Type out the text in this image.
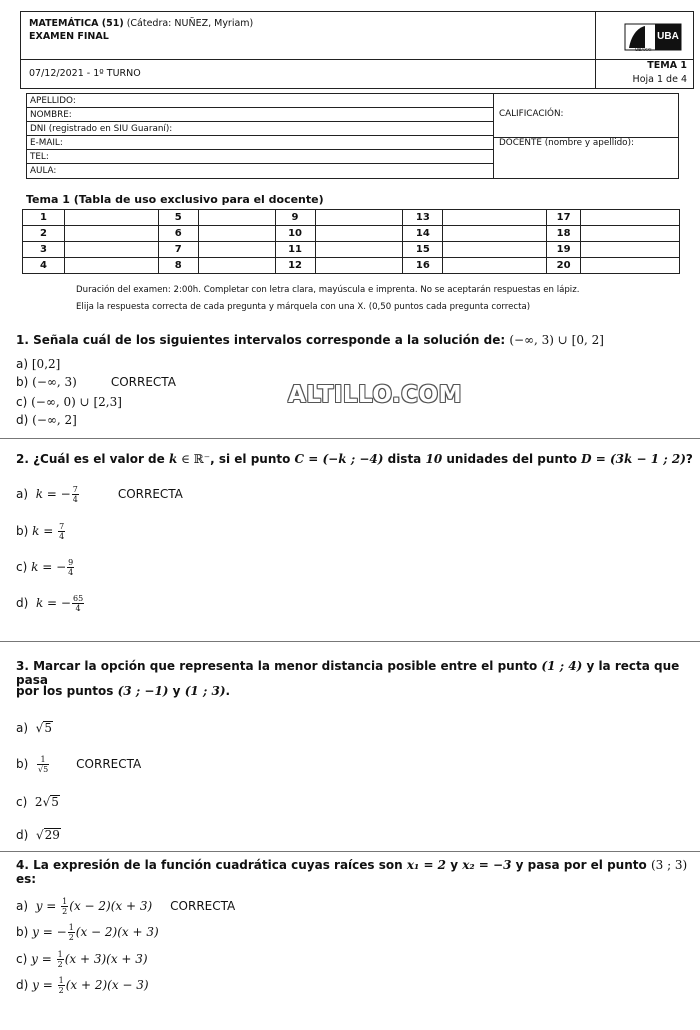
MATEMÁTICA (51) (Cátedra: NUÑEZ, Myriam)
EXAMEN FINAL
07/12/2021 - 1º TURNO
TEMA 1
Hoja 1 de 4
UBA
UBAXXI
APELLIDO:
NOMBRE:
DNI (registrado en SIU Guaraní):
E-MAIL:
TEL:
AULA:
CALIFICACIÓN:
DOCENTE (nombre y apellido):
Tema 1 (Tabla de uso exclusivo para el docente)
1		5		9		13		17	
2		6		10		14		18	
3		7		11		15		19	
4		8		12		16		20	
Duración del examen: 2:00h. Completar con letra clara, mayúscula e imprenta. No se aceptarán respuestas en lápiz.
Elija la respuesta correcta de cada pregunta y márquela con una X. (0,50 puntos cada pregunta correcta)
1. Señala cuál de los siguientes intervalos corresponde a la solución de: (−∞, 3) ∪ [0, 2]
a) [0,2]
b) (−∞, 3)	CORRECTA
c) (−∞, 0) ∪ [2,3]
d) (−∞, 2]
ALTILLO.COM
2. ¿Cuál es el valor de k ∈ ℝ⁻, si el punto C = (−k ; −4) dista 10 unidades del punto D = (3k − 1 ; 2)?
a) k = − $\frac{7}{4}$	CORRECTA
b) $k = \frac{7}{4}$
c) k = − $\frac{9}{4}$
d) k = − $\frac{65}{4}$
3. Marcar la opción que representa la menor distancia posible entre el punto (1 ; 4) y la recta que pasa
por los puntos (3 ; −1) y (1 ; 3).
a)  √5
$b) \frac{1}{√5}$ CORRECTA
c) 2√5
d)  √29
4. La expresión de la función cuadrática cuyas raíces son x₁ = 2 y x₂ = −3 y pasa por el punto (3 ; 3) es:
a) $y = \frac{1}{2} (x - 2)(x + 3)$ CORRECTA
b) y = − $\frac{1}{2} (x - 2)(x + 3)$
c) $y = \frac{1}{2} (x + 3)(x + 3)$
d) $y = \frac{1}{2} (x + 2)(x - 3)$
